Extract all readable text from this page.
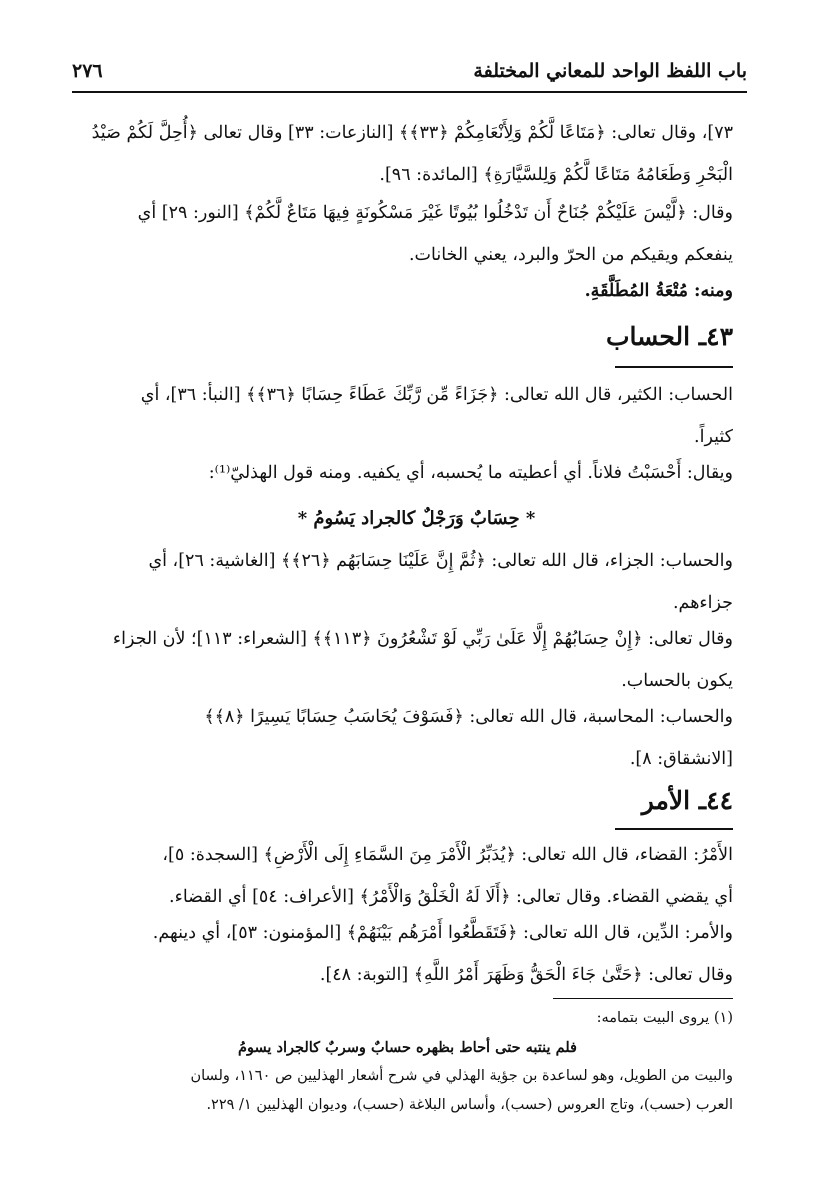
باب اللفظ الواحد للمعاني المختلفة
٢٧٦
٧٣]، وقال تعالى: ﴿مَتَاعًا لَّكُمْ وَلِأَنْعَامِكُمْ ﴿٣٣﴾﴾ [النازعات: ٣٣] وقال تعالى ﴿أُحِلَّ لَكُمْ صَيْدُ
الْبَحْرِ وَطَعَامُهُ مَتَاعًا لَّكُمْ وَلِلسَّيَّارَةِ﴾ [المائدة: ٩٦].
وقال: ﴿لَّيْسَ عَلَيْكُمْ جُنَاحٌ أَن تَدْخُلُوا بُيُوتًا غَيْرَ مَسْكُونَةٍ فِيهَا مَتَاعٌ لَّكُمْ﴾ [النور: ٢٩] أي
ينفعكم ويقيكم من الحرّ والبرد، يعني الخانات.
ومنه: مُتْعَةُ المُطَلَّقَةِ.
٤٣ـ الحساب
الحساب: الكثير، قال الله تعالى: ﴿جَزَاءً مِّن رَّبِّكَ عَطَاءً حِسَابًا ﴿٣٦﴾﴾ [النبأ: ٣٦]، أي
كثيراً.
ويقال: أَحْسَبْتُ فلاناً. أي أعطيته ما يُحسبه، أي يكفيه. ومنه قول الهذليّ⁽¹⁾:
* حِسَابٌ وَرَجْلٌ كالجراد يَسُومُ *
والحساب: الجزاء، قال الله تعالى: ﴿ثُمَّ إِنَّ عَلَيْنَا حِسَابَهُم ﴿٢٦﴾﴾ [الغاشية: ٢٦]، أي
جزاءهم.
وقال تعالى: ﴿إِنْ حِسَابُهُمْ إِلَّا عَلَىٰ رَبِّي لَوْ تَشْعُرُونَ ﴿١١٣﴾﴾ [الشعراء: ١١٣]؛ لأن الجزاء
يكون بالحساب.
والحساب: المحاسبة، قال الله تعالى: ﴿فَسَوْفَ يُحَاسَبُ حِسَابًا يَسِيرًا ﴿٨﴾﴾
[الانشقاق: ٨].
٤٤ـ الأمر
الأَمْرُ: القضاء، قال الله تعالى: ﴿يُدَبِّرُ الْأَمْرَ مِنَ السَّمَاءِ إِلَى الْأَرْضِ﴾ [السجدة: ٥]،
أي يقضي القضاء. وقال تعالى: ﴿أَلَا لَهُ الْخَلْقُ وَالْأَمْرُ﴾ [الأعراف: ٥٤] أي القضاء.
والأمر: الدِّين، قال الله تعالى: ﴿فَتَقَطَّعُوا أَمْرَهُم بَيْنَهُمْ﴾ [المؤمنون: ٥٣]، أي دينهم.
وقال تعالى: ﴿حَتَّىٰ جَاءَ الْحَقُّ وَظَهَرَ أَمْرُ اللَّهِ﴾ [التوبة: ٤٨].
(١) يروى البيت بتمامه:
فلم ينتبه حتى أحاط بظهره حسابٌ وسربٌ كالجراد يسومُ
والبيت من الطويل، وهو لساعدة بن جؤية الهذلي في شرح أشعار الهذليين ص ١١٦٠، ولسان
العرب (حسب)، وتاج العروس (حسب)، وأساس البلاغة (حسب)، وديوان الهذليين ١/ ٢٢٩.
